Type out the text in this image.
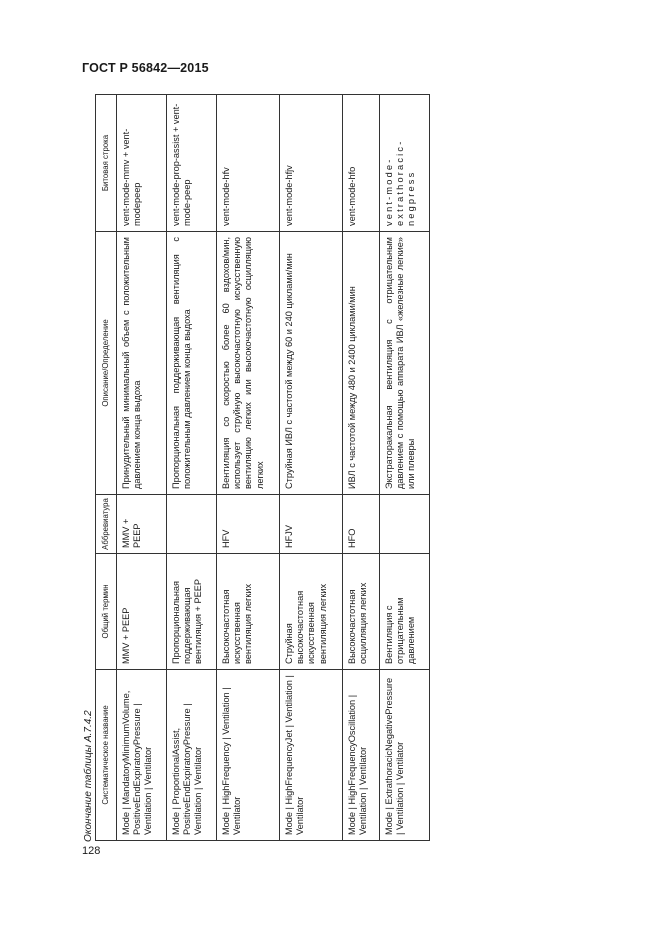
ГОСТ Р 56842—2015
Окончание таблицы А.7.4.2 Систематическое название	Общий термин	Аббревиатура	Описание/Определение	Битовая строка
Mode | MandatoryMinimumVolume, PositiveEndExpiratoryPressure | Ventilation | Ventilator	MMV + PEEP	MMV + PEEP	Принудительный минимальный объем с положительным давлением конца выдоха	vent-mode-mmv + vent-modepeep
Mode | ProportionalAssist, PositiveEndExpiratoryPressure | Ventilation | Ventilator	Пропорциональная поддерживающая вентиляция + PEEP		Пропорциональная поддерживающая вентиляция с положительным давлением конца выдоха	vent-mode-prop-assist + vent-mode-peep
Mode | HighFrequency | Ventilation | Ventilator	Высокочастотная искусственная вентиляция легких	HFV	Вентиляция со скоростью более 60 вздохов/мин, использует струйную высокочастотную искусственную вентиляцию легких или высокочастотную осцилляцию легких	vent-mode-hfv
Mode | HighFrequencyJet | Ventilation | Ventilator	Струйная высокочастотная искусственная вентиляция легких	HFJV	Струйная ИВЛ с частотой между 60 и 240 циклами/мин	vent-mode-hfjv
Mode | HighFrequencyOscillation | Ventilation | Ventilator	Высокочастотная осцилляция легких	HFO	ИВЛ с частотой между 480 и 2400 циклами/мин	vent-mode-hfo
Mode | ExtrathoracicNegativePressure | Ventilation | Ventilator	Вентиляция с отрицательным давлением		Экстраторакальная вентиляция с отрицательным давлением с помощью аппарата ИВЛ «железные легкие» или плевры	vent-mode-extrathoracic-negpress
128
